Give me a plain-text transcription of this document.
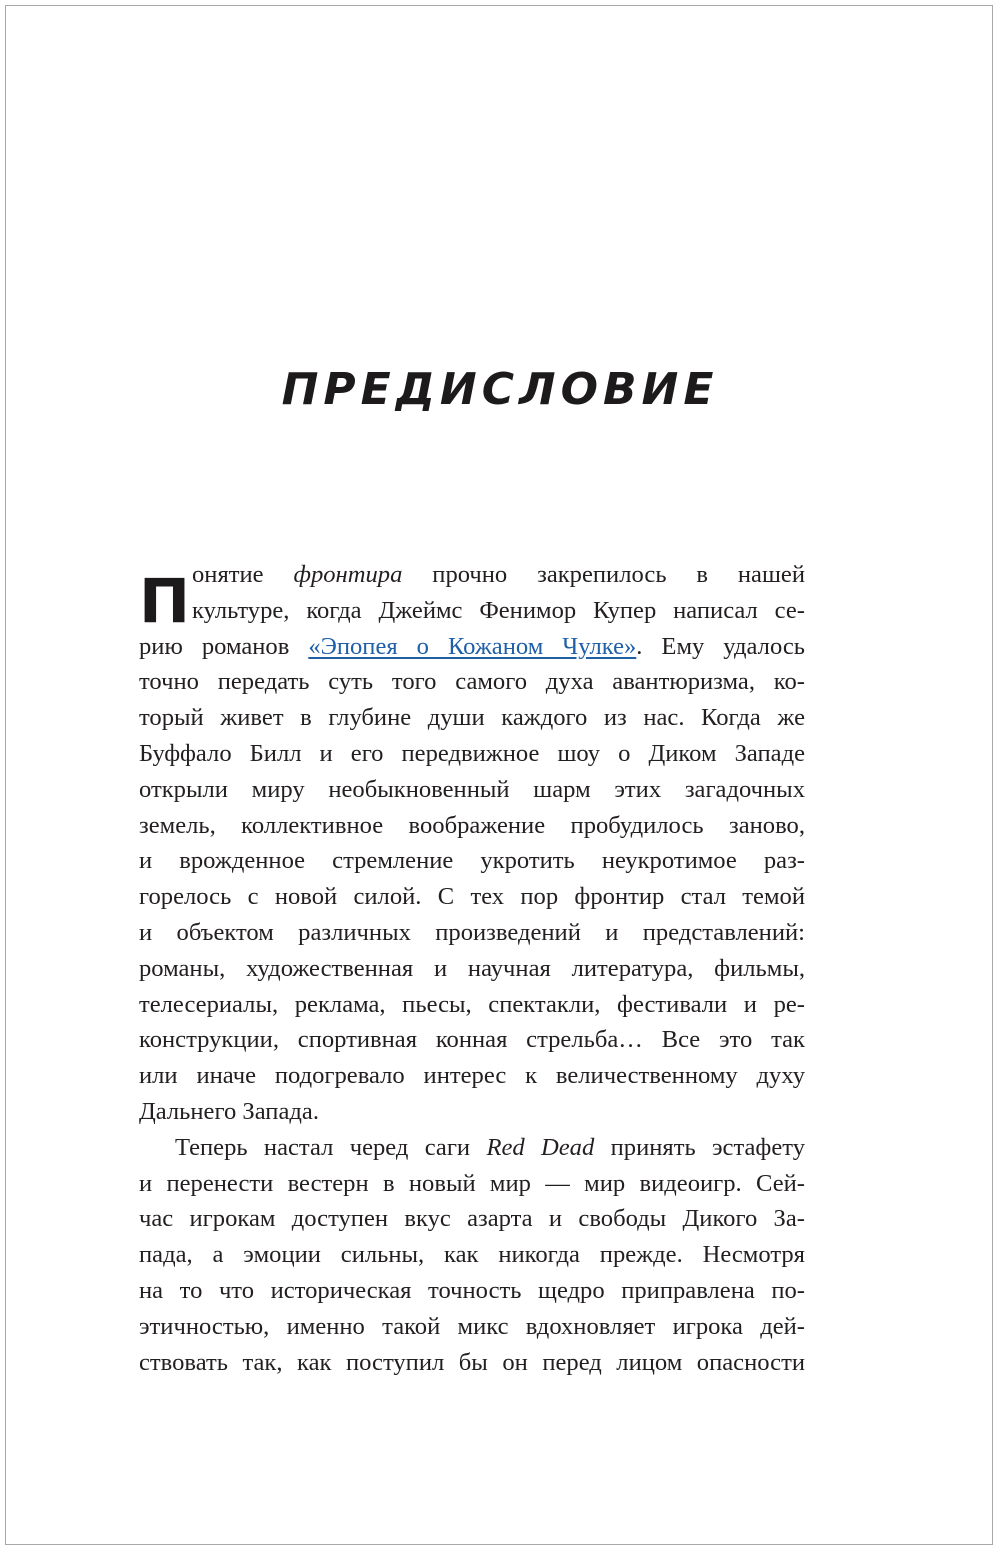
ПРЕДИСЛОВИЕ
П онятие фронтира прочно закрепилось в нашей
культуре, когда Джеймс Фенимор Купер написал се-
рию романов «Эпопея о Кожаном Чулке». Ему удалось
точно передать суть того самого духа авантюризма, ко-
торый живет в глубине души каждого из нас. Когда же
Буффало Билл и его передвижное шоу о Диком Западе
открыли миру необыкновенный шарм этих загадочных
земель, коллективное воображение пробудилось заново,
и врожденное стремление укротить неукротимое раз-
горелось с новой силой. С тех пор фронтир стал темой
и объектом различных произведений и представлений:
романы, художественная и научная литература, фильмы,
телесериалы, реклама, пьесы, спектакли, фестивали и ре-
конструкции, спортивная конная стрельба… Все это так
или иначе подогревало интерес к величественному духу
Дальнего Запада.
Теперь настал черед саги Red Dead принять эстафету
и перенести вестерн в новый мир — мир видеоигр. Сей-
час игрокам доступен вкус азарта и свободы Дикого За-
пада, а эмоции сильны, как никогда прежде. Несмотря
на то что историческая точность щедро приправлена по-
этичностью, именно такой микс вдохновляет игрока дей-
ствовать так, как поступил бы он перед лицом опасности
